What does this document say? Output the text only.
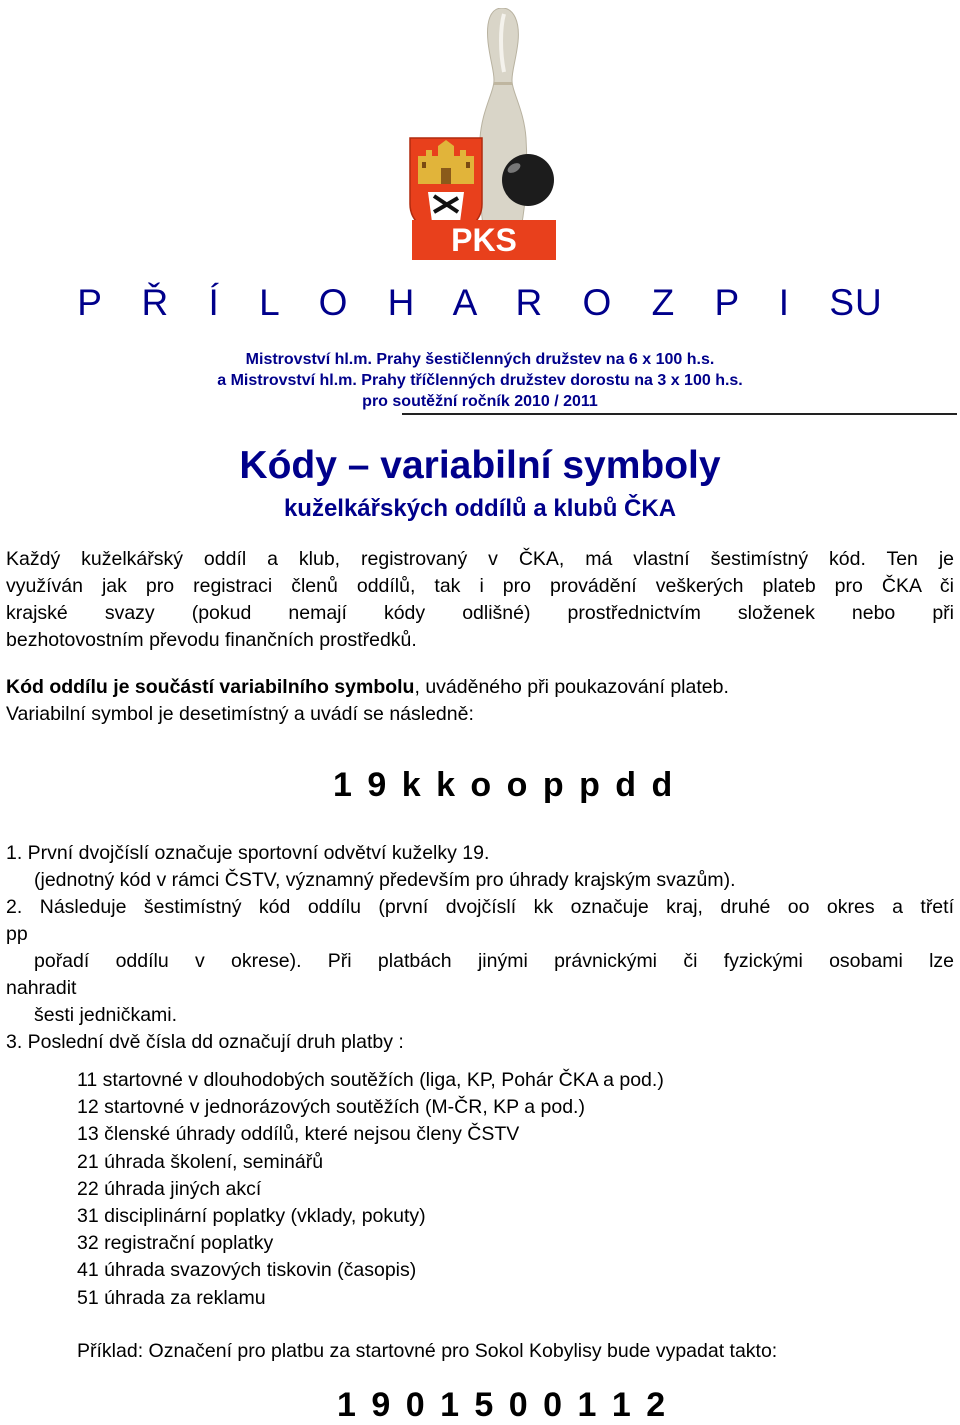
PKS
P Ř Í L O H A R O Z P I SU
Mistrovství hl.m. Prahy šestičlenných družstev na 6 x 100 h.s.
a Mistrovství hl.m. Prahy tříčlenných družstev dorostu na 3 x 100 h.s.
pro soutěžní ročník 2010 / 2011
Kódy – variabilní symboly
kuželkářských oddílů a klubů ČKA
Každý kuželkářský oddíl a klub, registrovaný v ČKA, má vlastní šestimístný kód. Ten je
využíván jak pro registraci členů oddílů, tak i pro provádění veškerých plateb pro ČKA či
krajské svazy (pokud nemají kódy odlišné) prostřednictvím složenek nebo při
bezhotovostním převodu finančních prostředků.
Kód oddílu je součástí variabilního symbolu, uváděného při poukazování plateb.
Variabilní symbol je desetimístný a uvádí se následně:
1 9 k k o o p p d d
1. První dvojčíslí označuje sportovní odvětví kuželky 19.
(jednotný kód v rámci ČSTV, významný především pro úhrady krajským svazům).
2. Následuje šestimístný kód oddílu (první dvojčíslí kk označuje kraj, druhé oo okres a třetí
pp
pořadí oddílu v okrese). Při platbách jinými právnickými či fyzickými osobami lze
nahradit
šesti jedničkami.
3. Poslední dvě čísla dd označují druh platby :
11 startovné v dlouhodobých soutěžích (liga, KP, Pohár ČKA a pod.)
12 startovné v jednorázových soutěžích (M-ČR, KP a pod.)
13 členské úhrady oddílů, které nejsou členy ČSTV
21 úhrada školení, seminářů
22 úhrada jiných akcí
31 disciplinární poplatky (vklady, pokuty)
32 registrační poplatky
41 úhrada svazových tiskovin (časopis)
51 úhrada za reklamu
Příklad: Označení pro platbu za startovné pro Sokol Kobylisy bude vypadat takto:
1 9 0 1 5 0 0 1 1 2
